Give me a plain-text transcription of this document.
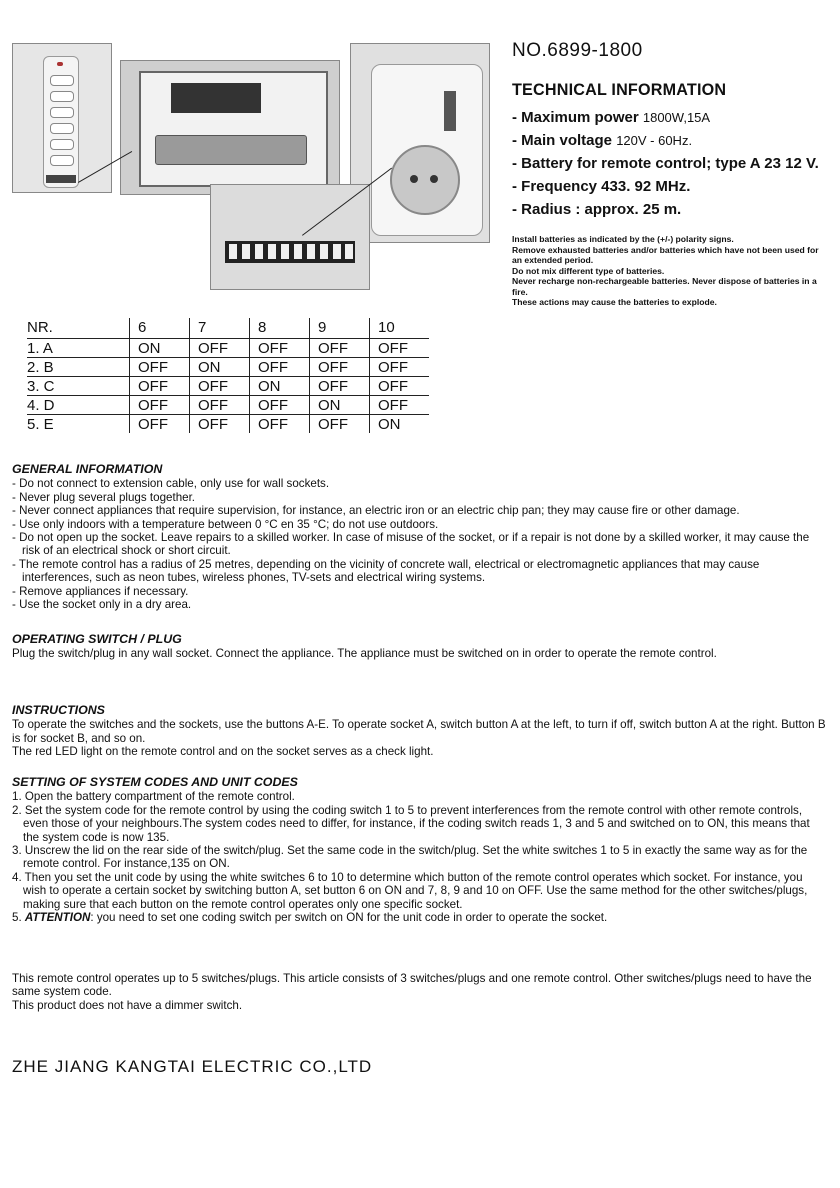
NO.6899-1800
TECHNICAL INFORMATION
- Maximum power 1800W,15A
- Main voltage 120V - 60Hz.
- Battery for remote control; type A 23 12 V.
- Frequency 433. 92 MHz.
- Radius : approx. 25 m.
Install batteries as indicated by the (+/-) polarity signs.
Remove exhausted batteries and/or batteries which have not been used for an extended period.
Do not mix different type of batteries.
Never recharge non-rechargeable batteries. Never dispose of batteries in a fire.
These actions may cause the batteries to explode.
NR.	6	7	8	9	10
1. A	ON	OFF	OFF	OFF	OFF
2. B	OFF	ON	OFF	OFF	OFF
3. C	OFF	OFF	ON	OFF	OFF
4. D	OFF	OFF	OFF	ON	OFF
5. E	OFF	OFF	OFF	OFF	ON
GENERAL INFORMATION

- Do not connect to extension cable, only use for wall sockets.

- Never plug several plugs together.

- Never connect appliances that require supervision, for instance, an electric iron or an electric chip pan; they may cause fire or other damage.

- Use only indoors with a temperature between 0 °C en 35 °C; do not use outdoors.

- Do not open up the socket. Leave repairs to a skilled worker. In case of misuse of the socket, or if a repair is not done by a skilled worker, it may cause the risk of an electrical shock or short circuit.

- The remote control has a radius of 25 metres, depending on the vicinity of concrete wall, electrical or electromagnetic appliances that may cause interferences, such as neon tubes, wireless phones, TV-sets and electrical wiring systems.

- Remove appliances if necessary.

- Use the socket only in a dry area.

OPERATING SWITCH / PLUG

Plug the switch/plug in any wall socket. Connect the appliance. The appliance must be switched on in order to operate the remote control.

INSTRUCTIONS

To operate the switches and the sockets, use the buttons A-E. To operate socket A, switch button A at the left, to turn if off, switch button A at the right. Button B is for socket B, and so on.

The red LED light on the remote control and on the socket serves as a check light.

SETTING OF SYSTEM CODES AND UNIT CODES

1. Open the battery compartment of the remote control.

2. Set the system code for the remote control by using the coding switch 1 to 5 to prevent interferences from the remote control with other remote controls, even those of your neighbours.The system codes need to differ, for instance, if the coding switch reads 1, 3 and 5 and switched on to ON, this means that the system code is now 135.

3. Unscrew the lid on the rear side of the switch/plug. Set the same code in the switch/plug. Set the white switches 1 to 5 in exactly the same way as for the remote control. For instance,135 on ON.

4. Then you set the unit code by using the white switches 6 to 10 to determine which button of the remote control operates which socket. For instance, you wish to operate a certain socket by switching button A, set button 6 on ON and 7, 8, 9 and 10 on OFF. Use the same method for the other switches/plugs, making sure that each button on the remote control operates only one specific socket.

5. ATTENTION: you need to set one coding switch per switch on ON for the unit code in order to operate the socket.

This remote control operates up to 5 switches/plugs. This article consists of 3 switches/plugs and one remote control. Other switches/plugs need to have the same system code.

This product does not have a dimmer switch.

ZHE JIANG KANGTAI ELECTRIC CO.,LTD
